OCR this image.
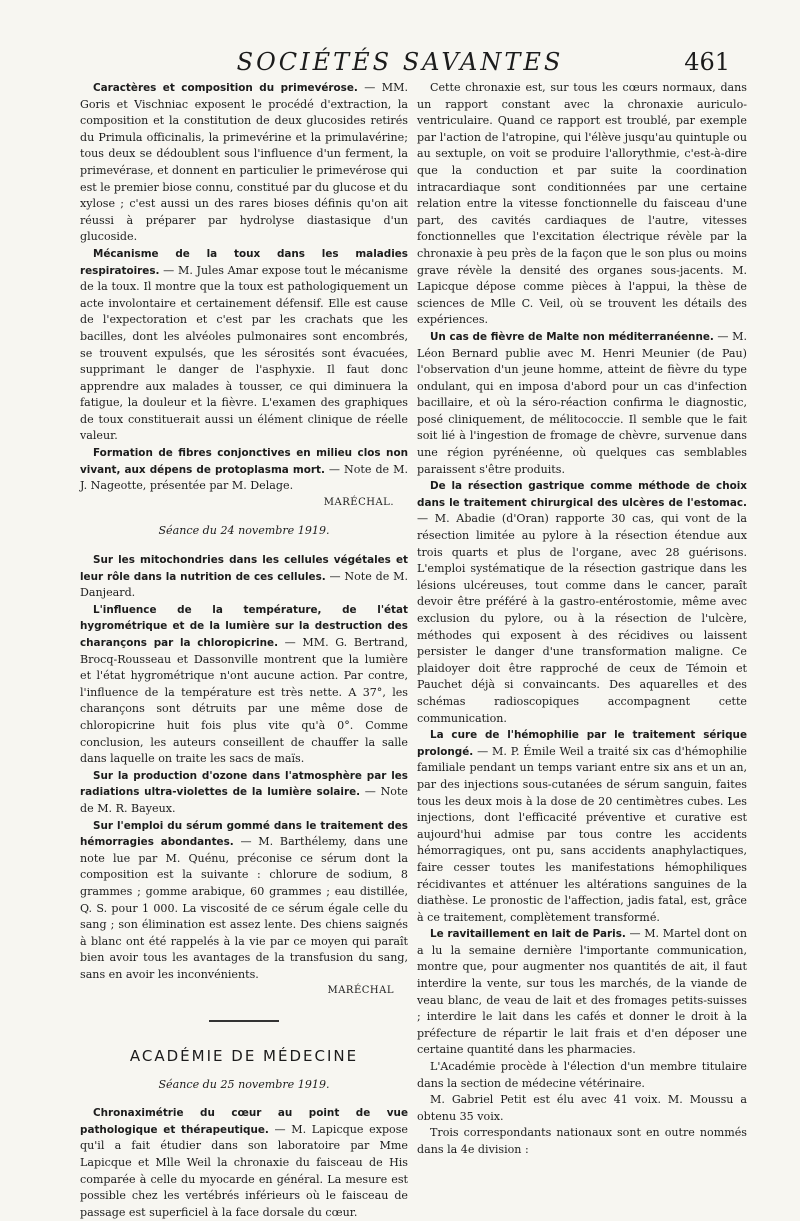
SOCIÉTÉS SAVANTES	461

Caractères et composition du primevérose. — MM. Goris et Vischniac exposent le procédé d'extraction, la composition et la constitution de deux glucosides retirés du Primula officinalis, la primevérine et la primulavérine; tous deux se dédoublent sous l'influence d'un ferment, la primevérase, et donnent en particulier le primevérose qui est le premier biose connu, constitué par du glucose et du xylose ; c'est aussi un des rares bioses définis qu'on ait réussi à préparer par hydrolyse diastasique d'un glucoside.

Mécanisme de la toux dans les maladies respiratoires. — M. Jules Amar expose tout le mécanisme de la toux. Il montre que la toux est pathologiquement un acte involontaire et certainement défensif. Elle est cause de l'expectoration et c'est par les crachats que les bacilles, dont les alvéoles pulmonaires sont encombrés, se trouvent expulsés, que les sérosités sont évacuées, supprimant le danger de l'asphyxie. Il faut donc apprendre aux malades à tousser, ce qui diminuera la fatigue, la douleur et la fièvre. L'examen des graphiques de toux constituerait aussi un élément clinique de réelle valeur.

Formation de fibres conjonctives en milieu clos non vivant, aux dépens de protoplasma mort. — Note de M. J. Nageotte, présentée par M. Delage.

MARÉCHAL.

Séance du 24 novembre 1919.

Sur les mitochondries dans les cellules végétales et leur rôle dans la nutrition de ces cellules. — Note de M. Danjeard.

L'influence de la température, de l'état hygrométrique et de la lumière sur la destruction des charançons par la chloropicrine. — MM. G. Bertrand, Brocq-Rousseau et Dassonville montrent que la lumière et l'état hygrométrique n'ont aucune action. Par contre, l'influence de la température est très nette. A 37°, les charançons sont détruits par une même dose de chloropicrine huit fois plus vite qu'à 0°. Comme conclusion, les auteurs conseillent de chauffer la salle dans laquelle on traite les sacs de maïs.

Sur la production d'ozone dans l'atmosphère par les radiations ultra-violettes de la lumière solaire. — Note de M. R. Bayeux.

Sur l'emploi du sérum gommé dans le traitement des hémorragies abondantes. — M. Barthélemy, dans une note lue par M. Quénu, préconise ce sérum dont la composition est la suivante : chlorure de sodium, 8 grammes ; gomme arabique, 60 grammes ; eau distillée, Q. S. pour 1 000. La viscosité de ce sérum égale celle du sang ; son élimination est assez lente. Des chiens saignés à blanc ont été rappelés à la vie par ce moyen qui paraît bien avoir tous les avantages de la transfusion du sang, sans en avoir les inconvénients.

MARÉCHAL

ACADÉMIE DE MÉDECINE

Séance du 25 novembre 1919.

Chronaximétrie du cœur au point de vue pathologique et thérapeutique. — M. Lapicque expose qu'il a fait étudier dans son laboratoire par Mme Lapicque et Mlle Weil la chronaxie du faisceau de His comparée à celle du myocarde en général. La mesure est possible chez les vertébrés inférieurs où le faisceau de passage est superficiel à la face dorsale du cœur.

Cette chronaxie est, sur tous les cœurs normaux, dans un rapport constant avec la chronaxie auriculo-ventriculaire. Quand ce rapport est troublé, par exemple par l'action de l'atropine, qui l'élève jusqu'au quintuple ou au sextuple, on voit se produire l'allorythmie, c'est-à-dire que la conduction et par suite la coordination intracardiaque sont conditionnées par une certaine relation entre la vitesse fonctionnelle du faisceau d'une part, des cavités cardiaques de l'autre, vitesses fonctionnelles que l'excitation électrique révèle par la chronaxie à peu près de la façon que le son plus ou moins grave révèle la densité des organes sous-jacents. M. Lapicque dépose comme pièces à l'appui, la thèse de sciences de Mlle C. Veil, où se trouvent les détails des expériences.

Un cas de fièvre de Malte non méditerranéenne. — M. Léon Bernard publie avec M. Henri Meunier (de Pau) l'observation d'un jeune homme, atteint de fièvre du type ondulant, qui en imposa d'abord pour un cas d'infection bacillaire, et où la séro-réaction confirma le diagnostic, posé cliniquement, de mélitococcie. Il semble que le fait soit lié à l'ingestion de fromage de chèvre, survenue dans une région pyrénéenne, où quelques cas semblables paraissent s'être produits.

De la résection gastrique comme méthode de choix dans le traitement chirurgical des ulcères de l'estomac. — M. Abadie (d'Oran) rapporte 30 cas, qui vont de la résection limitée au pylore à la résection étendue aux trois quarts et plus de l'organe, avec 28 guérisons. L'emploi systématique de la résection gastrique dans les lésions ulcéreuses, tout comme dans le cancer, paraît devoir être préféré à la gastro-entérostomie, même avec exclusion du pylore, ou à la résection de l'ulcère, méthodes qui exposent à des récidives ou laissent persister le danger d'une transformation maligne. Ce plaidoyer doit être rapproché de ceux de Témoin et Pauchet déjà si convaincants. Des aquarelles et des schémas radioscopiques accompagnent cette communication.

La cure de l'hémophilie par le traitement sérique prolongé. — M. P. Émile Weil a traité six cas d'hémophilie familiale pendant un temps variant entre six ans et un an, par des injections sous-cutanées de sérum sanguin, faites tous les deux mois à la dose de 20 centimètres cubes. Les injections, dont l'efficacité préventive et curative est aujourd'hui admise par tous contre les accidents hémorragiques, ont pu, sans accidents anaphylactiques, faire cesser toutes les manifestations hémophiliques récidivantes et atténuer les altérations sanguines de la diathèse. Le pronostic de l'affection, jadis fatal, est, grâce à ce traitement, complètement transformé.

Le ravitaillement en lait de Paris. — M. Martel dont on a lu la semaine dernière l'importante communication, montre que, pour augmenter nos quantités de ait, il faut interdire la vente, sur tous les marchés, de la viande de veau blanc, de veau de lait et des fromages petits-suisses ; interdire le lait dans les cafés et donner le droit à la préfecture de répartir le lait frais et d'en déposer une certaine quantité dans les pharmacies.

L'Académie procède à l'élection d'un membre titulaire dans la section de médecine vétérinaire.

M. Gabriel Petit est élu avec 41 voix. M. Moussu a obtenu 35 voix.

Trois correspondants nationaux sont en outre nommés dans la 4e division :
